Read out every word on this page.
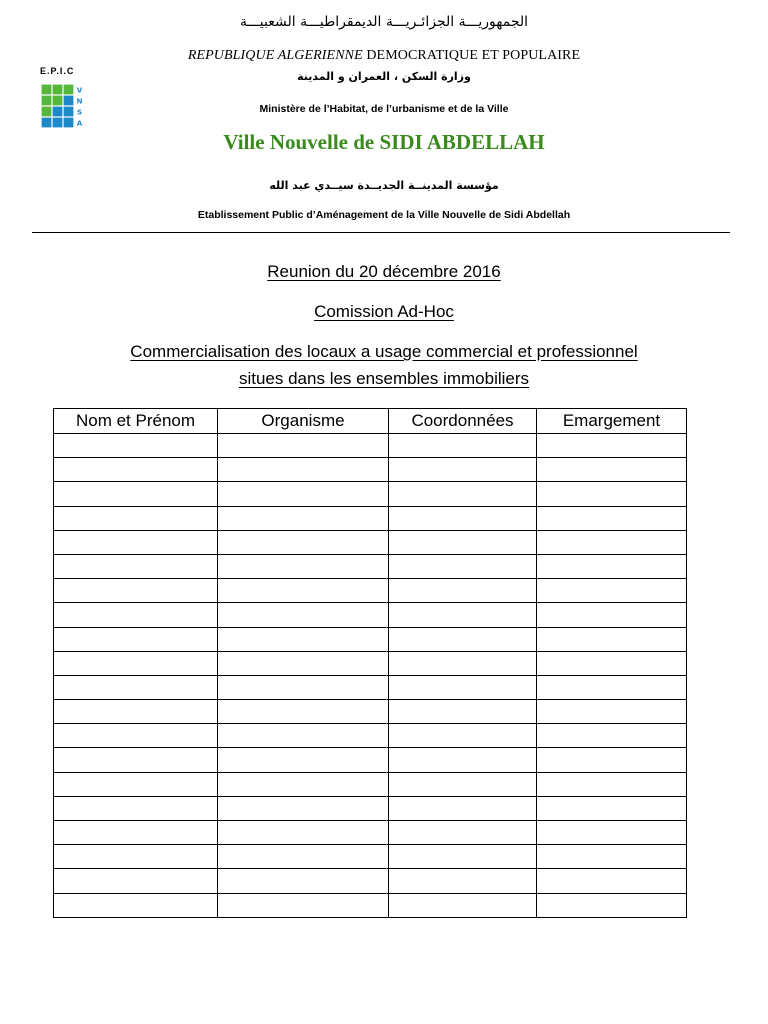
الجمهوريـــة الجزائـريـــة الديمقراطيـــة الشعبيـــة
REPUBLIQUE ALGERIENNE DEMOCRATIQUE ET POPULAIRE
وزارة السكن ، العمران و المدينة
E.P.I.C
V
N
S
A
Ministère de l’Habitat, de l’urbanisme et de la Ville
Ville Nouvelle de SIDI ABDELLAH
مؤسسة المدينــة الجديــدة سيــدي عبد الله
Etablissement Public d’Aménagement de la Ville Nouvelle de Sidi Abdellah
Reunion du 20 décembre 2016
Comission Ad-Hoc
Commercialisation des locaux a usage commercial et professionnel
situes dans les ensembles immobiliers
Nom et Prénom	Organisme	Coordonnées	Emargement
